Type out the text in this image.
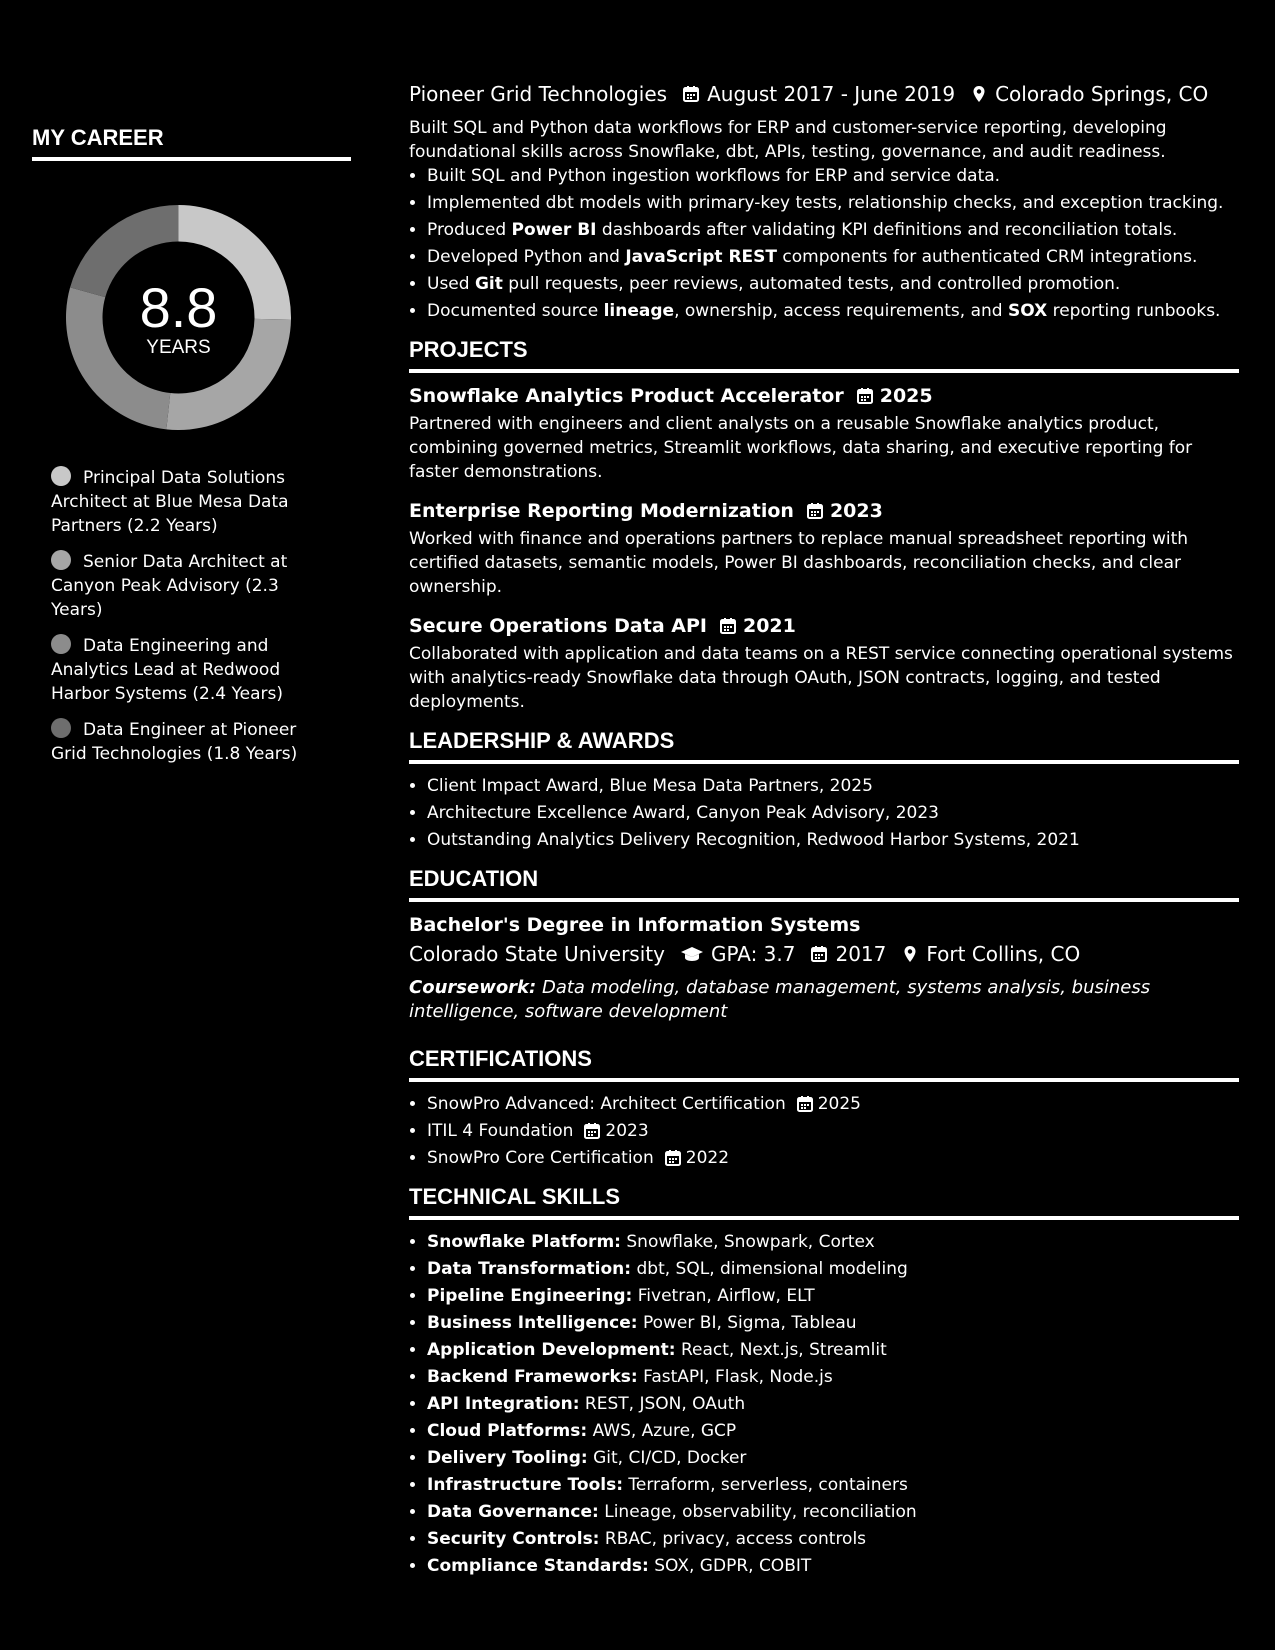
MY CAREER
8.8
YEARS
Principal Data Solutions Architect at Blue Mesa Data Partners (2.2 Years)
Senior Data Architect at Canyon Peak Advisory (2.3 Years)
Data Engineering and Analytics Lead at Redwood Harbor Systems (2.4 Years)
Data Engineer at Pioneer Grid Technologies (1.8 Years)
Pioneer Grid Technologies August 2017 - June 2019 Colorado Springs, CO
Built SQL and Python data workflows for ERP and customer-service reporting, developing foundational skills across Snowflake, dbt, APIs, testing, governance, and audit readiness.
• Built SQL and Python ingestion workflows for ERP and service data.
• Implemented dbt models with primary-key tests, relationship checks, and exception tracking.
• Produced Power BI dashboards after validating KPI definitions and reconciliation totals.
• Developed Python and JavaScript REST components for authenticated CRM integrations.
• Used Git pull requests, peer reviews, automated tests, and controlled promotion.
• Documented source lineage, ownership, access requirements, and SOX reporting runbooks.
PROJECTS
Snowflake Analytics Product Accelerator 2025
Partnered with engineers and client analysts on a reusable Snowflake analytics product, combining governed metrics, Streamlit workflows, data sharing, and executive reporting for faster demonstrations.
Enterprise Reporting Modernization 2023
Worked with finance and operations partners to replace manual spreadsheet reporting with certified datasets, semantic models, Power BI dashboards, reconciliation checks, and clear ownership.
Secure Operations Data API 2021
Collaborated with application and data teams on a REST service connecting operational systems with analytics-ready Snowflake data through OAuth, JSON contracts, logging, and tested deployments.
LEADERSHIP & AWARDS
• Client Impact Award, Blue Mesa Data Partners, 2025
• Architecture Excellence Award, Canyon Peak Advisory, 2023
• Outstanding Analytics Delivery Recognition, Redwood Harbor Systems, 2021
EDUCATION
Bachelor's Degree in Information Systems
Colorado State University GPA: 3.7 2017 Fort Collins, CO
Coursework: Data modeling, database management, systems analysis, business intelligence, software development
CERTIFICATIONS
• SnowPro Advanced: Architect Certification 2025
• ITIL 4 Foundation 2023
• SnowPro Core Certification 2022
TECHNICAL SKILLS
• Snowflake Platform: Snowflake, Snowpark, Cortex
• Data Transformation: dbt, SQL, dimensional modeling
• Pipeline Engineering: Fivetran, Airflow, ELT
• Business Intelligence: Power BI, Sigma, Tableau
• Application Development: React, Next.js, Streamlit
• Backend Frameworks: FastAPI, Flask, Node.js
• API Integration: REST, JSON, OAuth
• Cloud Platforms: AWS, Azure, GCP
• Delivery Tooling: Git, CI/CD, Docker
• Infrastructure Tools: Terraform, serverless, containers
• Data Governance: Lineage, observability, reconciliation
• Security Controls: RBAC, privacy, access controls
• Compliance Standards: SOX, GDPR, COBIT
